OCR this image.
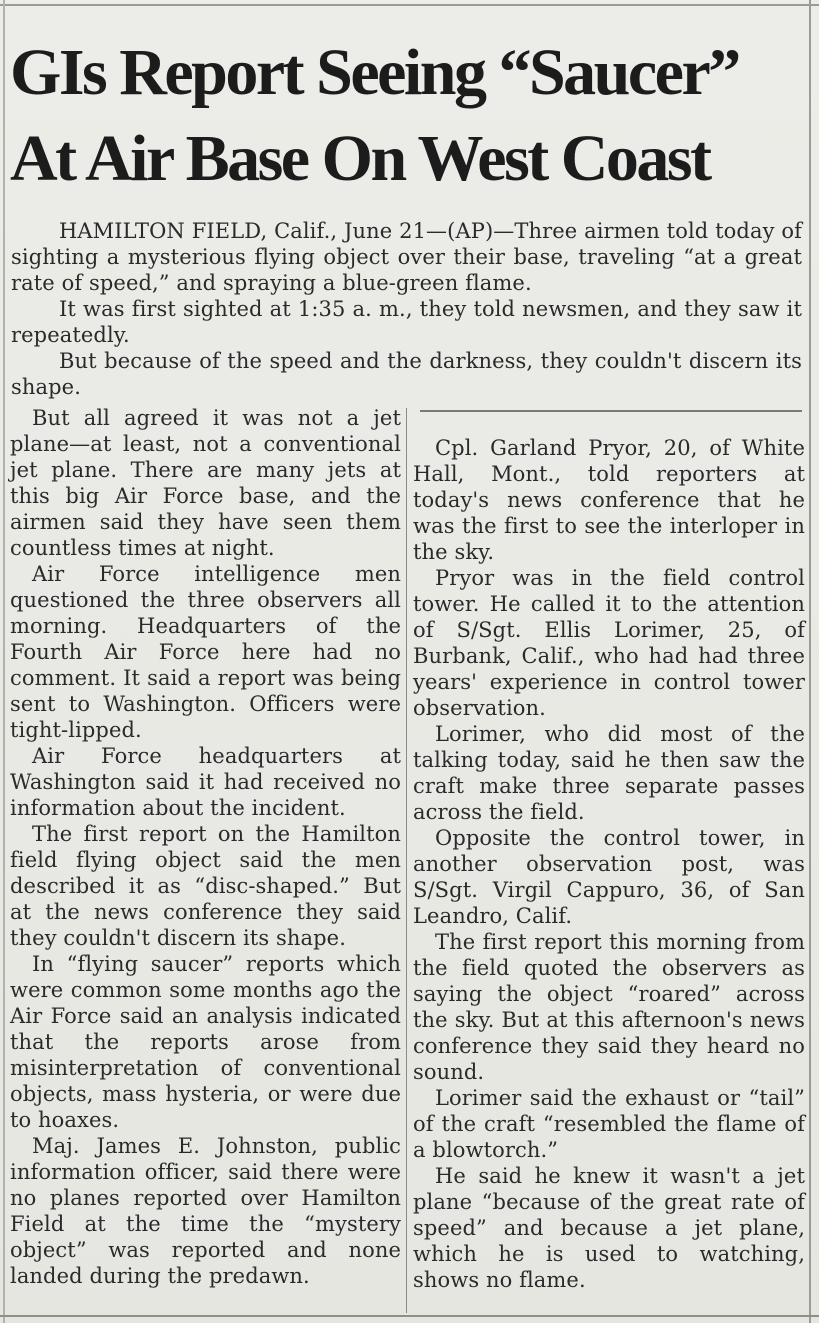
GIs Report Seeing “Saucer”
At Air Base On West Coast

HAMILTON FIELD, Calif., June 21—(AP)—Three airmen told today of sighting a mysterious flying object over their base, traveling “at a great rate of speed,” and spraying a blue-green flame.

It was first sighted at 1:35 a. m., they told newsmen, and they saw it repeatedly.

But because of the speed and the darkness, they couldn't discern its shape.

But all agreed it was not a jet plane—at least, not a conventional jet plane. There are many jets at this big Air Force base, and the airmen said they have seen them countless times at night.

Air Force intelligence men questioned the three observers all morning. Headquarters of the Fourth Air Force here had no comment. It said a report was being sent to Washington. Officers were tight-lipped.

Air Force headquarters at Washington said it had received no information about the incident.

The first report on the Hamilton field flying object said the men described it as “disc-shaped.” But at the news conference they said they couldn't discern its shape.

In “flying saucer” reports which were common some months ago the Air Force said an analysis indicated that the reports arose from misinterpretation of conventional objects, mass hysteria, or were due to hoaxes.

Maj. James E. Johnston, public information officer, said there were no planes reported over Hamilton Field at the time the “mystery object” was reported and none landed during the predawn.

Cpl. Garland Pryor, 20, of White Hall, Mont., told reporters at today's news conference that he was the first to see the interloper in the sky.

Pryor was in the field control tower. He called it to the attention of S/Sgt. Ellis Lorimer, 25, of Burbank, Calif., who had had three years' experience in control tower observation.

Lorimer, who did most of the talking today, said he then saw the craft make three separate passes across the field.

Opposite the control tower, in another observation post, was S/Sgt. Virgil Cappuro, 36, of San Leandro, Calif.

The first report this morning from the field quoted the observers as saying the object “roared” across the sky. But at this afternoon's news conference they said they heard no sound.

Lorimer said the exhaust or “tail” of the craft “resembled the flame of a blowtorch.”

He said he knew it wasn't a jet plane “because of the great rate of speed” and because a jet plane, which he is used to watching, shows no flame.
